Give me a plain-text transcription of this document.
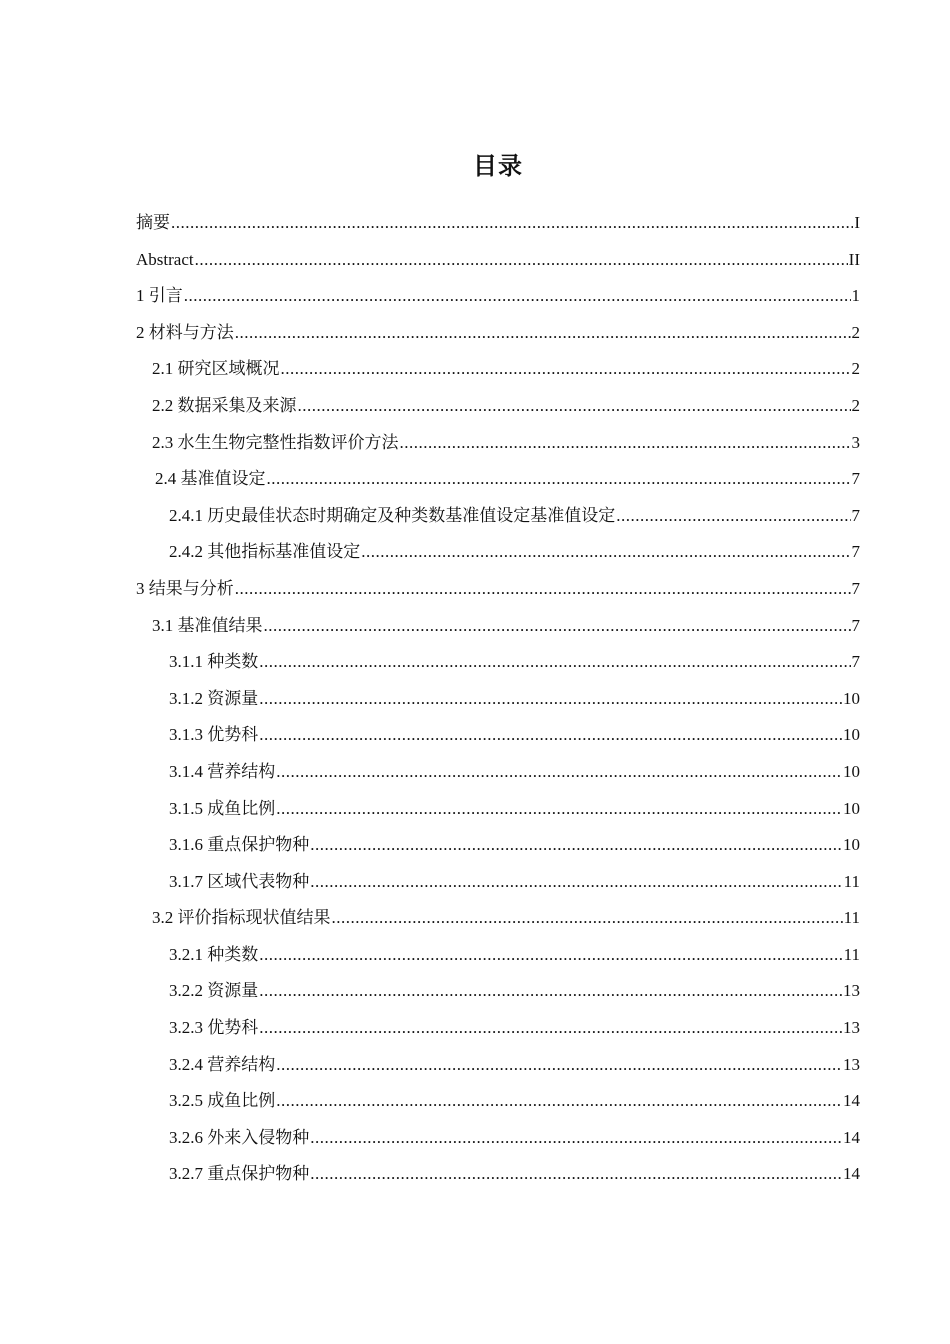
目录
摘要 .....	I
Abstract .....	II
1 引言 .....	1
2 材料与方法 .....	2
2.1 研究区域概况 .....	2
2.2 数据采集及来源 .....	2
2.3 水生生物完整性指数评价方法 .....	3
2.4 基准值设定 .....	7
2.4.1 历史最佳状态时期确定及种类数基准值设定基准值设定 .....	7
2.4.2 其他指标基准值设定 .....	7
3 结果与分析 .....	7
3.1 基准值结果 .....	7
3.1.1 种类数 .....	7
3.1.2 资源量 .....	10
3.1.3 优势科 .....	10
3.1.4 营养结构 .....	10
3.1.5 成鱼比例 .....	10
3.1.6 重点保护物种 .....	10
3.1.7 区域代表物种 .....	11
3.2 评价指标现状值结果 .....	11
3.2.1 种类数 .....	11
3.2.2 资源量 .....	13
3.2.3 优势科 .....	13
3.2.4 营养结构 .....	13
3.2.5 成鱼比例 .....	14
3.2.6 外来入侵物种 .....	14
3.2.7 重点保护物种 .....	14
